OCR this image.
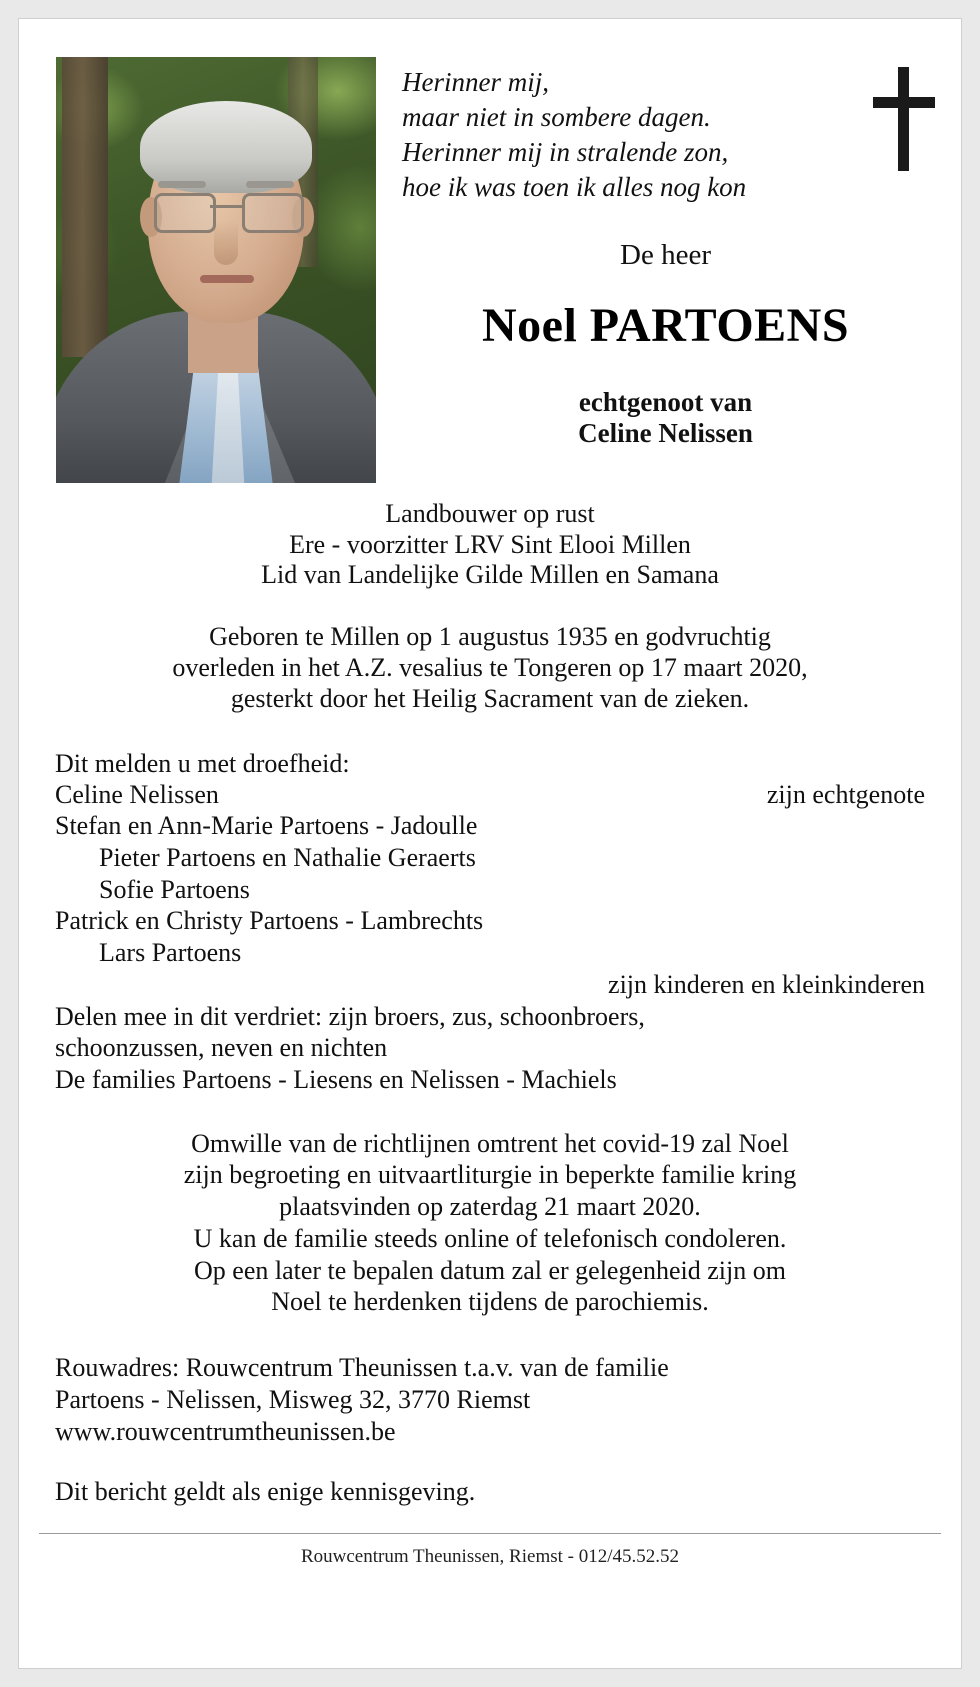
Herinner mij,
maar niet in sombere dagen.
Herinner mij in stralende zon,
hoe ik was toen ik alles nog kon
De heer
Noel PARTOENS
echtgenoot van
Celine Nelissen
Landbouwer op rust
Ere - voorzitter LRV Sint Elooi Millen
Lid van Landelijke Gilde Millen en Samana
Geboren te Millen op 1 augustus 1935 en godvruchtig
overleden in het A.Z. vesalius te Tongeren op 17 maart 2020,
gesterkt door het Heilig Sacrament van de zieken.
Dit melden u met droefheid:
Celine Nelissen	zijn echtgenote
Stefan en Ann-Marie Partoens - Jadoulle
Pieter Partoens en Nathalie Geraerts
Sofie Partoens
Patrick en Christy Partoens - Lambrechts
Lars Partoens
zijn kinderen en kleinkinderen
Delen mee in dit verdriet: zijn broers, zus, schoonbroers,
schoonzussen, neven en nichten
De families Partoens - Liesens en Nelissen - Machiels
Omwille van de richtlijnen omtrent het covid-19 zal Noel
zijn begroeting en uitvaartliturgie in beperkte familie kring
plaatsvinden op zaterdag 21 maart 2020.
U kan de familie steeds online of telefonisch condoleren.
Op een later te bepalen datum zal er gelegenheid zijn om
Noel te herdenken tijdens de parochiemis.
Rouwadres: Rouwcentrum Theunissen t.a.v. van de familie
Partoens - Nelissen, Misweg 32, 3770 Riemst
www.rouwcentrumtheunissen.be
Dit bericht geldt als enige kennisgeving.
Rouwcentrum Theunissen, Riemst - 012/45.52.52
